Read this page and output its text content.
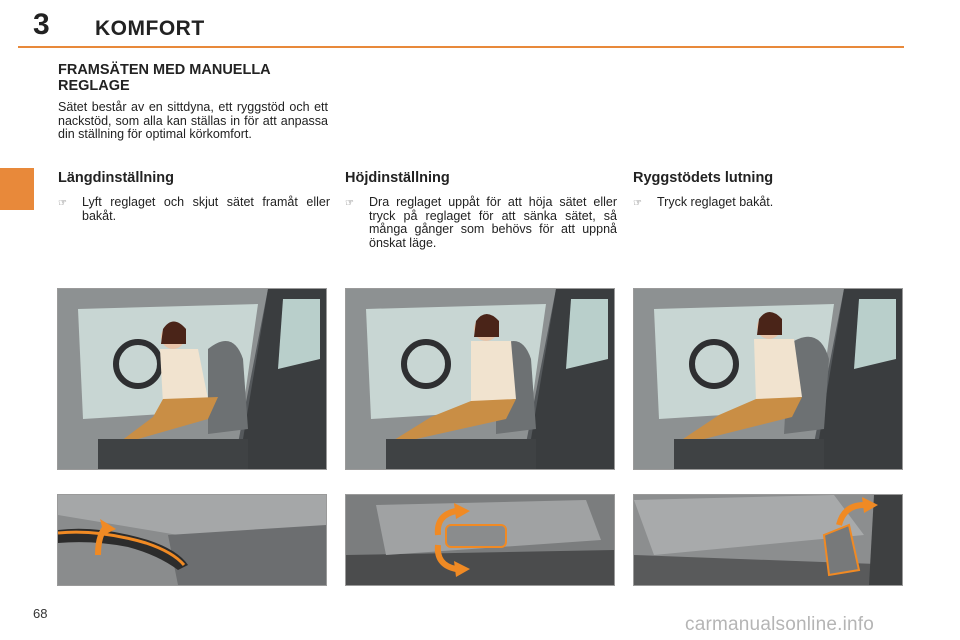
3 KOMFORT
FRAMSÄTEN MED MANUELLA REGLAGE
Sätet består av en sittdyna, ett ryggstöd och ett nackstöd, som alla kan ställas in för att anpassa din ställning för optimal körkomfort.
Längdinställning
☞	Lyft reglaget och skjut sätet framåt eller bakåt.
Höjdinställning
☞	Dra reglaget uppåt för att höja sätet eller tryck på reglaget för att sänka sätet, så många gånger som behövs för att uppnå önskat läge.
Ryggstödets lutning
☞	Tryck reglaget bakåt.
68
carmanualsonline.info
